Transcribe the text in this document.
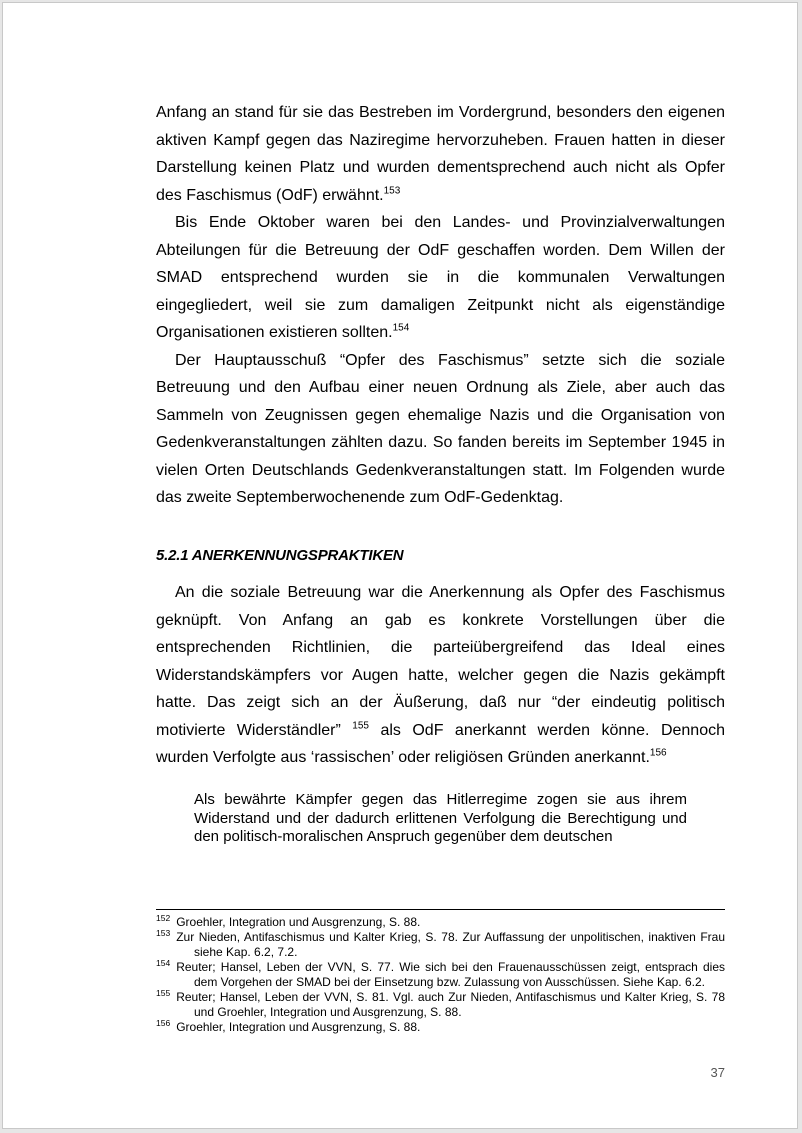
Anfang an stand für sie das Bestreben im Vordergrund, besonders den eigenen aktiven Kampf gegen das Naziregime hervorzuheben. Frauen hatten in dieser Darstellung keinen Platz und wurden dementsprechend auch nicht als Opfer des Faschismus (OdF) erwähnt.$^{153}$

Bis Ende Oktober waren bei den Landes- und Provinzialverwaltungen Abteilungen für die Betreuung der OdF geschaffen worden. Dem Willen der SMAD entsprechend wurden sie in die kommunalen Verwaltungen eingegliedert, weil sie zum damaligen Zeitpunkt nicht als eigenständige Organisationen existieren sollten.$^{154}$

Der Hauptausschuß “Opfer des Faschismus” setzte sich die soziale Betreuung und den Aufbau einer neuen Ordnung als Ziele, aber auch das Sammeln von Zeugnissen gegen ehemalige Nazis und die Organisation von Gedenkveranstaltungen zählten dazu. So fanden bereits im September 1945 in vielen Orten Deutschlands Gedenkveranstaltungen statt. Im Folgenden wurde das zweite Septemberwochenende zum OdF-Gedenktag.

5.2.1 ANERKENNUNGSPRAKTIKEN

An die soziale Betreuung war die Anerkennung als Opfer des Faschismus geknüpft. Von Anfang an gab es konkrete Vorstellungen über die entsprechenden Richtlinien, die parteiübergreifend das Ideal eines Widerstandskämpfers vor Augen hatte, welcher gegen die Nazis gekämpft hatte. Das zeigt sich an der Äußerung, daß nur “der eindeutig politisch motivierte Widerständler” $^{155}$ als OdF anerkannt werden könne. Dennoch wurden Verfolgte aus ‘rassischen’ oder religiösen Gründen anerkannt.$^{156}$

Als bewährte Kämpfer gegen das Hitlerregime zogen sie aus ihrem Widerstand und der dadurch erlittenen Verfolgung die Berechtigung und den politisch-moralischen Anspruch gegenüber dem deutschen

$^{152}$ Groehler, Integration und Ausgrenzung, S. 88.

$^{153}$ Zur Nieden, Antifaschismus und Kalter Krieg, S. 78. Zur Auffassung der unpolitischen, inaktiven Frau siehe Kap. 6.2, 7.2.

$^{154}$ Reuter; Hansel, Leben der VVN, S. 77. Wie sich bei den Frauenausschüssen zeigt, entsprach dies dem Vorgehen der SMAD bei der Einsetzung bzw. Zulassung von Ausschüssen. Siehe Kap. 6.2.

$^{155}$ Reuter; Hansel, Leben der VVN, S. 81. Vgl. auch Zur Nieden, Antifaschismus und Kalter Krieg, S. 78 und Groehler, Integration und Ausgrenzung, S. 88.

$^{156}$ Groehler, Integration und Ausgrenzung, S. 88.

37
